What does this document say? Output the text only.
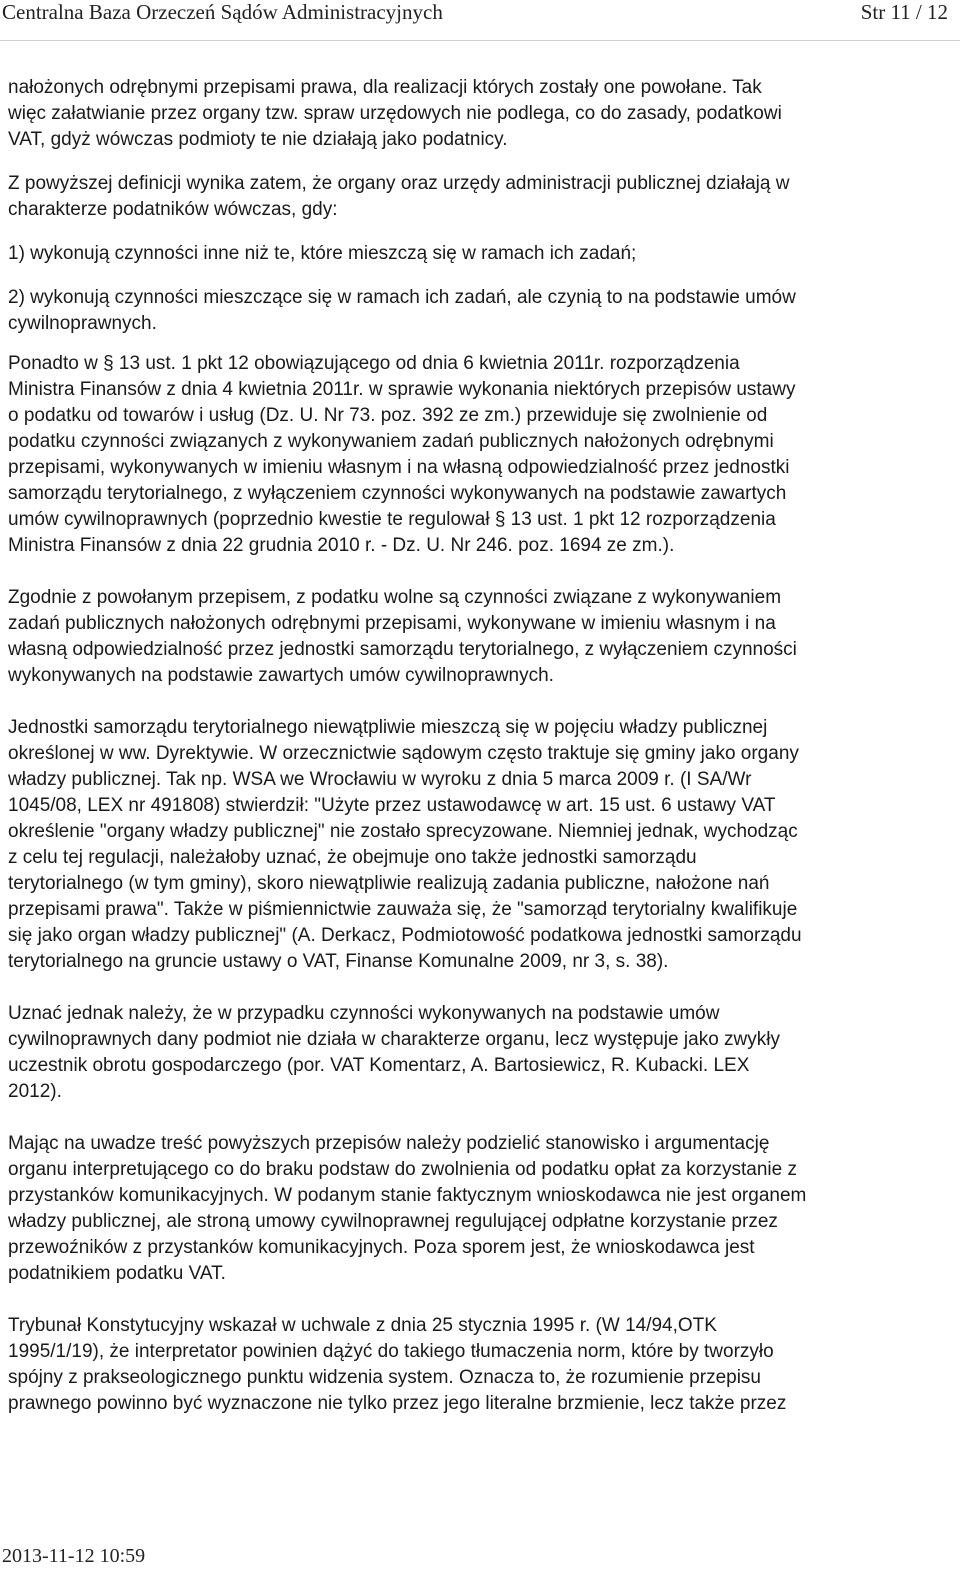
Centralna Baza Orzeczeń Sądów Administracyjnych	Str 11 / 12

nałożonych odrębnymi przepisami prawa, dla realizacji których zostały one powołane. Tak
więc załatwianie przez organy tzw. spraw urzędowych nie podlega, co do zasady, podatkowi
VAT, gdyż wówczas podmioty te nie działają jako podatnicy.

Z powyższej definicji wynika zatem, że organy oraz urzędy administracji publicznej działają w
charakterze podatników wówczas, gdy:

1) wykonują czynności inne niż te, które mieszczą się w ramach ich zadań;

2) wykonują czynności mieszczące się w ramach ich zadań, ale czynią to na podstawie umów
cywilnoprawnych.

Ponadto w § 13 ust. 1 pkt 12 obowiązującego od dnia 6 kwietnia 2011r. rozporządzenia
Ministra Finansów z dnia 4 kwietnia 2011r. w sprawie wykonania niektórych przepisów ustawy
o podatku od towarów i usług (Dz. U. Nr 73. poz. 392 ze zm.) przewiduje się zwolnienie od
podatku czynności związanych z wykonywaniem zadań publicznych nałożonych odrębnymi
przepisami, wykonywanych w imieniu własnym i na własną odpowiedzialność przez jednostki
samorządu terytorialnego, z wyłączeniem czynności wykonywanych na podstawie zawartych
umów cywilnoprawnych (poprzednio kwestie te regulował § 13 ust. 1 pkt 12 rozporządzenia
Ministra Finansów z dnia 22 grudnia 2010 r. - Dz. U. Nr 246. poz. 1694 ze zm.).

Zgodnie z powołanym przepisem, z podatku wolne są czynności związane z wykonywaniem
zadań publicznych nałożonych odrębnymi przepisami, wykonywane w imieniu własnym i na
własną odpowiedzialność przez jednostki samorządu terytorialnego, z wyłączeniem czynności
wykonywanych na podstawie zawartych umów cywilnoprawnych.

Jednostki samorządu terytorialnego niewątpliwie mieszczą się w pojęciu władzy publicznej
określonej w ww. Dyrektywie. W orzecznictwie sądowym często traktuje się gminy jako organy
władzy publicznej. Tak np. WSA we Wrocławiu w wyroku z dnia 5 marca 2009 r. (I SA/Wr
1045/08, LEX nr 491808) stwierdził: "Użyte przez ustawodawcę w art. 15 ust. 6 ustawy VAT
określenie "organy władzy publicznej" nie zostało sprecyzowane. Niemniej jednak, wychodząc
z celu tej regulacji, należałoby uznać, że obejmuje ono także jednostki samorządu
terytorialnego (w tym gminy), skoro niewątpliwie realizują zadania publiczne, nałożone nań
przepisami prawa". Także w piśmiennictwie zauważa się, że "samorząd terytorialny kwalifikuje
się jako organ władzy publicznej" (A. Derkacz, Podmiotowość podatkowa jednostki samorządu
terytorialnego na gruncie ustawy o VAT, Finanse Komunalne 2009, nr 3, s. 38).

Uznać jednak należy, że w przypadku czynności wykonywanych na podstawie umów
cywilnoprawnych dany podmiot nie działa w charakterze organu, lecz występuje jako zwykły
uczestnik obrotu gospodarczego (por. VAT Komentarz, A. Bartosiewicz, R. Kubacki. LEX
2012).

Mając na uwadze treść powyższych przepisów należy podzielić stanowisko i argumentację
organu interpretującego co do braku podstaw do zwolnienia od podatku opłat za korzystanie z
przystanków komunikacyjnych. W podanym stanie faktycznym wnioskodawca nie jest organem
władzy publicznej, ale stroną umowy cywilnoprawnej regulującej odpłatne korzystanie przez
przewoźników z przystanków komunikacyjnych. Poza sporem jest, że wnioskodawca jest
podatnikiem podatku VAT.

Trybunał Konstytucyjny wskazał w uchwale z dnia 25 stycznia 1995 r. (W 14/94,OTK
1995/1/19), że interpretator powinien dążyć do takiego tłumaczenia norm, które by tworzyło
spójny z prakseologicznego punktu widzenia system. Oznacza to, że rozumienie przepisu
prawnego powinno być wyznaczone nie tylko przez jego literalne brzmienie, lecz także przez

2013-11-12 10:59
